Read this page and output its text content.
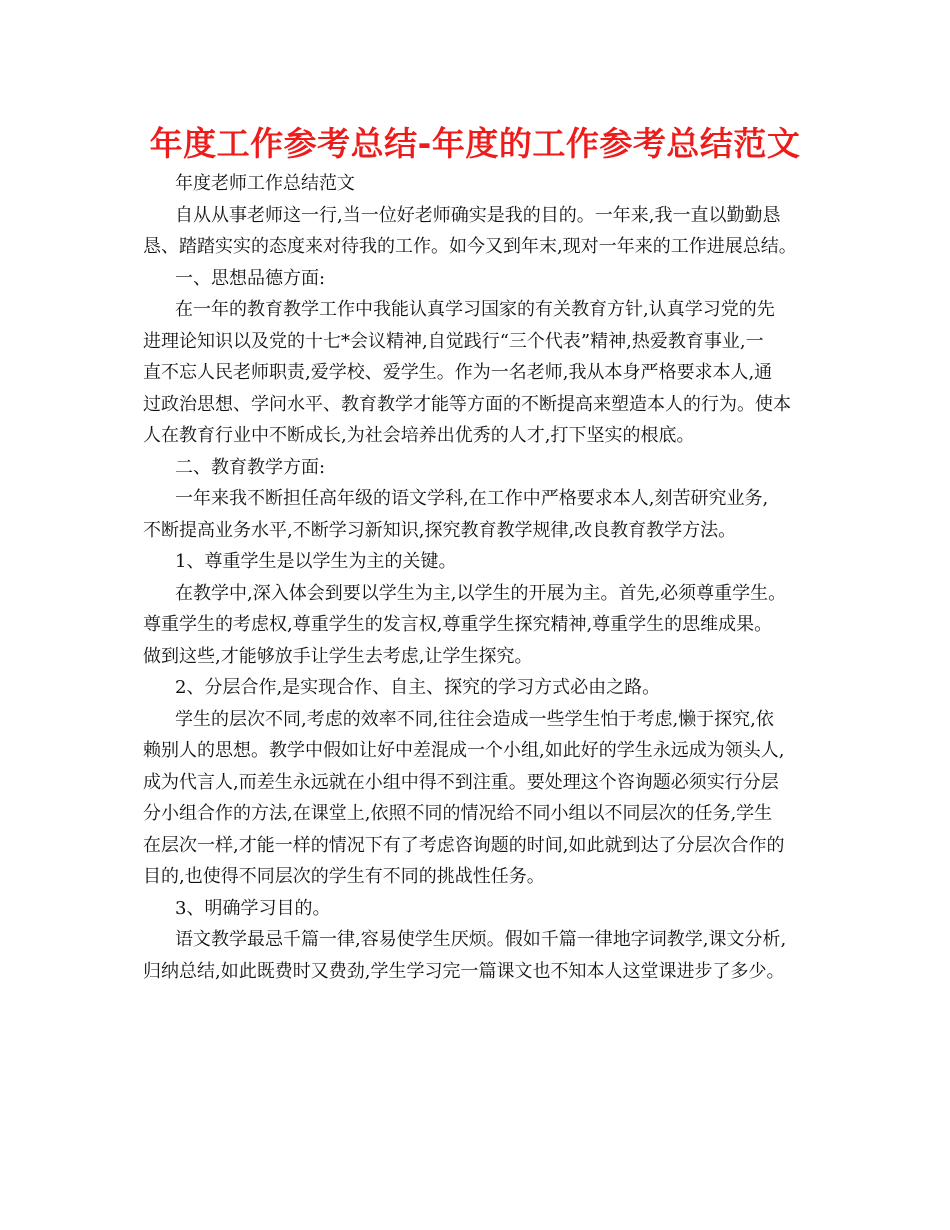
年度工作参考总结-年度的工作参考总结范文
年度老师工作总结范文
自从从事老师这一行,当一位好老师确实是我的目的。一年来,我一直以勤勤恳
恳、踏踏实实的态度来对待我的工作。如今又到年末,现对一年来的工作进展总结。
一、思想品德方面:
在一年的教育教学工作中我能认真学习国家的有关教育方针,认真学习党的先
进理论知识以及党的十七*会议精神,自觉践行“三个代表”精神,热爱教育事业,一
直不忘人民老师职责,爱学校、爱学生。作为一名老师,我从本身严格要求本人,通
过政治思想、学问水平、教育教学才能等方面的不断提高来塑造本人的行为。使本
人在教育行业中不断成长,为社会培养出优秀的人才,打下坚实的根底。
二、教育教学方面:
一年来我不断担任高年级的语文学科,在工作中严格要求本人,刻苦研究业务,
不断提高业务水平,不断学习新知识,探究教育教学规律,改良教育教学方法。
1、尊重学生是以学生为主的关键。
在教学中,深入体会到要以学生为主,以学生的开展为主。首先,必须尊重学生。
尊重学生的考虑权,尊重学生的发言权,尊重学生探究精神,尊重学生的思维成果。
做到这些,才能够放手让学生去考虑,让学生探究。
2、分层合作,是实现合作、自主、探究的学习方式必由之路。
学生的层次不同,考虑的效率不同,往往会造成一些学生怕于考虑,懒于探究,依
赖别人的思想。教学中假如让好中差混成一个小组,如此好的学生永远成为领头人,
成为代言人,而差生永远就在小组中得不到注重。要处理这个咨询题必须实行分层
分小组合作的方法,在课堂上,依照不同的情况给不同小组以不同层次的任务,学生
在层次一样,才能一样的情况下有了考虑咨询题的时间,如此就到达了分层次合作的
目的,也使得不同层次的学生有不同的挑战性任务。
3、明确学习目的。
语文教学最忌千篇一律,容易使学生厌烦。假如千篇一律地字词教学,课文分析,
归纳总结,如此既费时又费劲,学生学习完一篇课文也不知本人这堂课进步了多少。
